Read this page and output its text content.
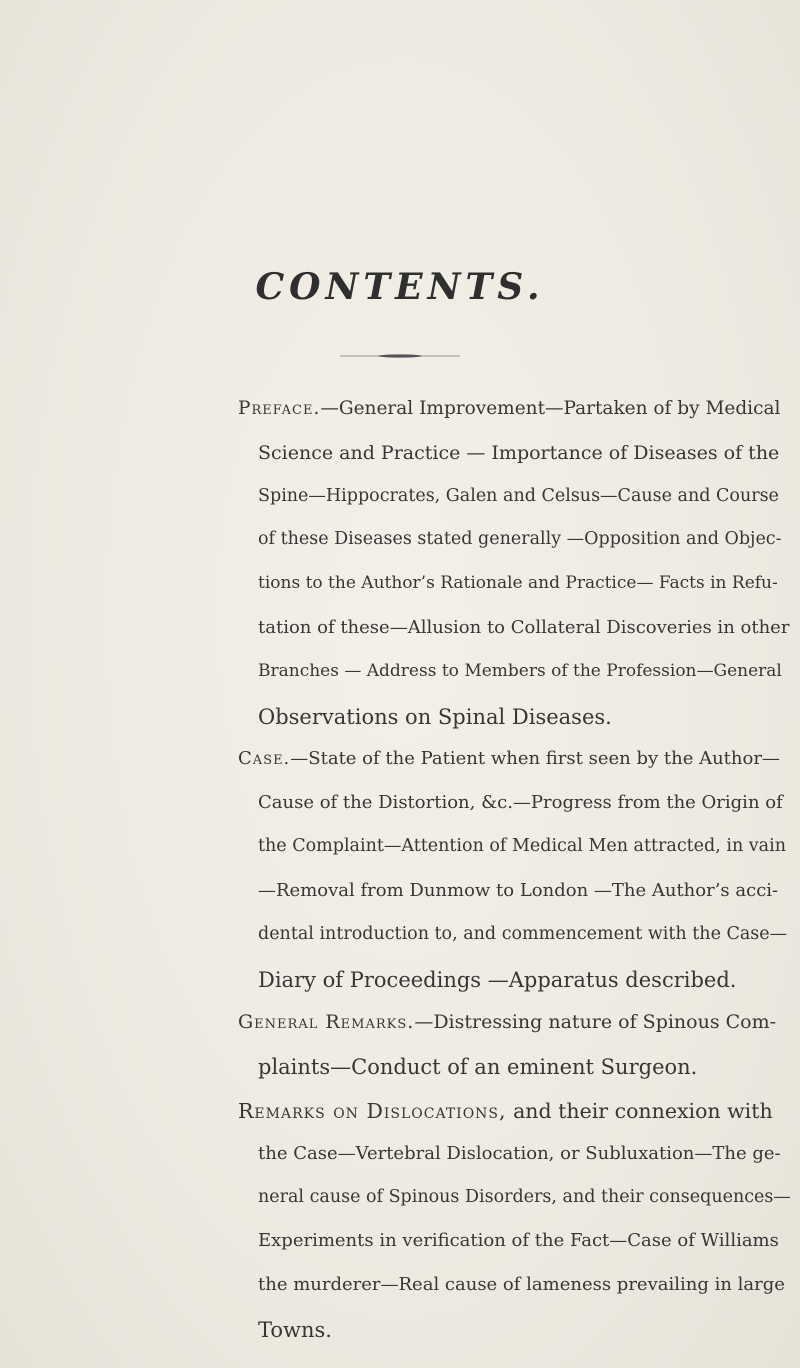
CONTENTS.
Preface.—General Improvement—Partaken of by Medical
Science and Practice — Importance of Diseases of the
Spine—Hippocrates, Galen and Celsus—Cause and Course
of these Diseases stated generally —Opposition and Objec-
tions to the Author’s Rationale and Practice— Facts in Refu-
tation of these—Allusion to Collateral Discoveries in other
Branches — Address to Members of the Profession—General
Observations on Spinal Diseases.
Case.—State of the Patient when first seen by the Author—
Cause of the Distortion, &c.—Progress from the Origin of
the Complaint—Attention of Medical Men attracted, in vain
—Removal from Dunmow to London —The Author’s acci-
dental introduction to, and commencement with the Case—
Diary of Proceedings —Apparatus described.
General Remarks.—Distressing nature of Spinous Com-
plaints—Conduct of an eminent Surgeon.
Remarks on Dislocations, and their connexion with
the Case—Vertebral Dislocation, or Subluxation—The ge-
neral cause of Spinous Disorders, and their consequences—
Experiments in verification of the Fact—Case of Williams
the murderer—Real cause of lameness prevailing in large
Towns.
